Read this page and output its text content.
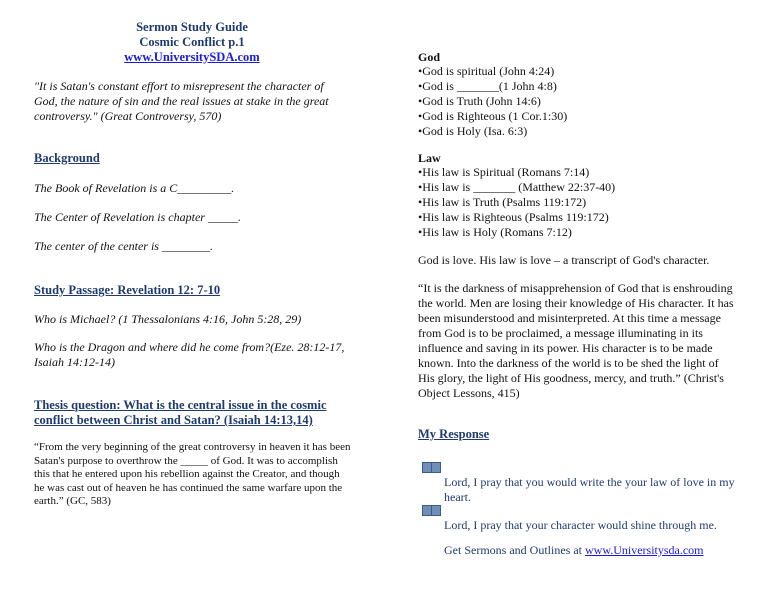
Sermon Study Guide
Cosmic Conflict p.1
www.UniversitySDA.com
"It is Satan's constant effort to misrepresent the character of God, the nature of sin and the real issues at stake in the great controversy." (Great Controversy, 570)
Background
The Book of Revelation is a C_________.
The Center of Revelation is chapter _____.
The center of the center is ________.
Study Passage: Revelation 12: 7-10
Who is Michael? (1 Thessalonians 4:16, John 5:28, 29)
Who is the Dragon and where did he come from?(Eze. 28:12-17, Isaiah 14:12-14)
Thesis question: What is the central issue in the cosmic conflict between Christ and Satan? (Isaiah 14:13,14)
“From the very beginning of the great controversy in heaven it has been Satan's purpose to overthrow the _____ of God. It was to accomplish this that he entered upon his rebellion against the Creator, and though he was cast out of heaven he has continued the same warfare upon the earth.” (GC, 583)
God
•God is spiritual (John 4:24)
•God is _______(1 John 4:8)
•God is Truth (John 14:6)
•God is Righteous (1 Cor.1:30)
•God is Holy (Isa. 6:3)
Law
•His law is Spiritual (Romans 7:14)
•His law is _______ (Matthew 22:37-40)
•His law is Truth (Psalms 119:172)
•His law is Righteous (Psalms 119:172)
•His law is Holy (Romans 7:12)
God is love. His law is love – a transcript of God's character.
“It is the darkness of misapprehension of God that is enshrouding the world. Men are losing their knowledge of His character. It has been misunderstood and misinterpreted. At this time a message from God is to be proclaimed, a message illuminating in its influence and saving in its power. His character is to be made known. Into the darkness of the world is to be shed the light of His glory, the light of His goodness, mercy, and truth.” (Christ's Object Lessons, 415)
My Response
Lord, I pray that you would write the your law of love in my heart.
Lord, I pray that your character would shine through me.
Get Sermons and Outlines at www.Universitysda.com
